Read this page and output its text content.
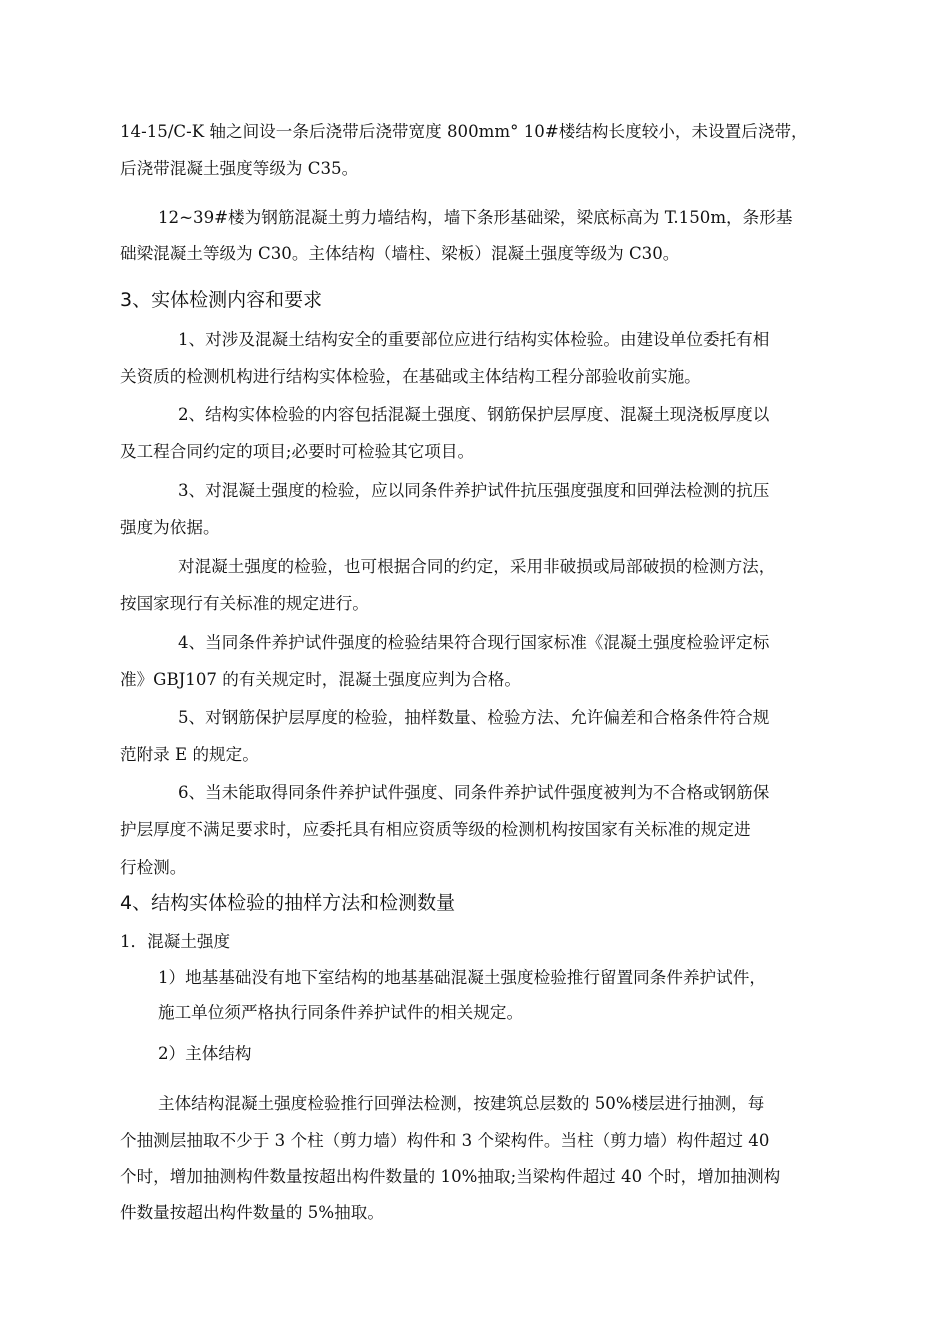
14-15/C-K 轴之间设一条后浇带后浇带宽度 800mm° 10#楼结构长度较小，未设置后浇带，
后浇带混凝土强度等级为 C35。
12~39#楼为钢筋混凝土剪力墙结构，墙下条形基础梁，梁底标高为 T.150m，条形基
础梁混凝土等级为 C30。主体结构（墙柱、梁板）混凝土强度等级为 C30。
3、实体检测内容和要求
1、对涉及混凝土结构安全的重要部位应进行结构实体检验。由建设单位委托有相
关资质的检测机构进行结构实体检验，在基础或主体结构工程分部验收前实施。
2、结构实体检验的内容包括混凝土强度、钢筋保护层厚度、混凝土现浇板厚度以
及工程合同约定的项目;必要时可检验其它项目。
3、对混凝土强度的检验，应以同条件养护试件抗压强度强度和回弹法检测的抗压
强度为依据。
对混凝土强度的检验，也可根据合同的约定，采用非破损或局部破损的检测方法，
按国家现行有关标准的规定进行。
4、当同条件养护试件强度的检验结果符合现行国家标准《混凝土强度检验评定标
准》GBJ107 的有关规定时，混凝土强度应判为合格。
5、对钢筋保护层厚度的检验，抽样数量、检验方法、允许偏差和合格条件符合规
范附录 E 的规定。
6、当未能取得同条件养护试件强度、同条件养护试件强度被判为不合格或钢筋保
护层厚度不满足要求时，应委托具有相应资质等级的检测机构按国家有关标准的规定进
行检测。
4、结构实体检验的抽样方法和检测数量
1．混凝土强度
1）地基基础没有地下室结构的地基基础混凝土强度检验推行留置同条件养护试件，
施工单位须严格执行同条件养护试件的相关规定。
2）主体结构
主体结构混凝土强度检验推行回弹法检测，按建筑总层数的 50%楼层进行抽测，每
个抽测层抽取不少于 3 个柱（剪力墙）构件和 3 个梁构件。当柱（剪力墙）构件超过 40
个时，增加抽测构件数量按超出构件数量的 10%抽取;当梁构件超过 40 个时，增加抽测构
件数量按超出构件数量的 5%抽取。
